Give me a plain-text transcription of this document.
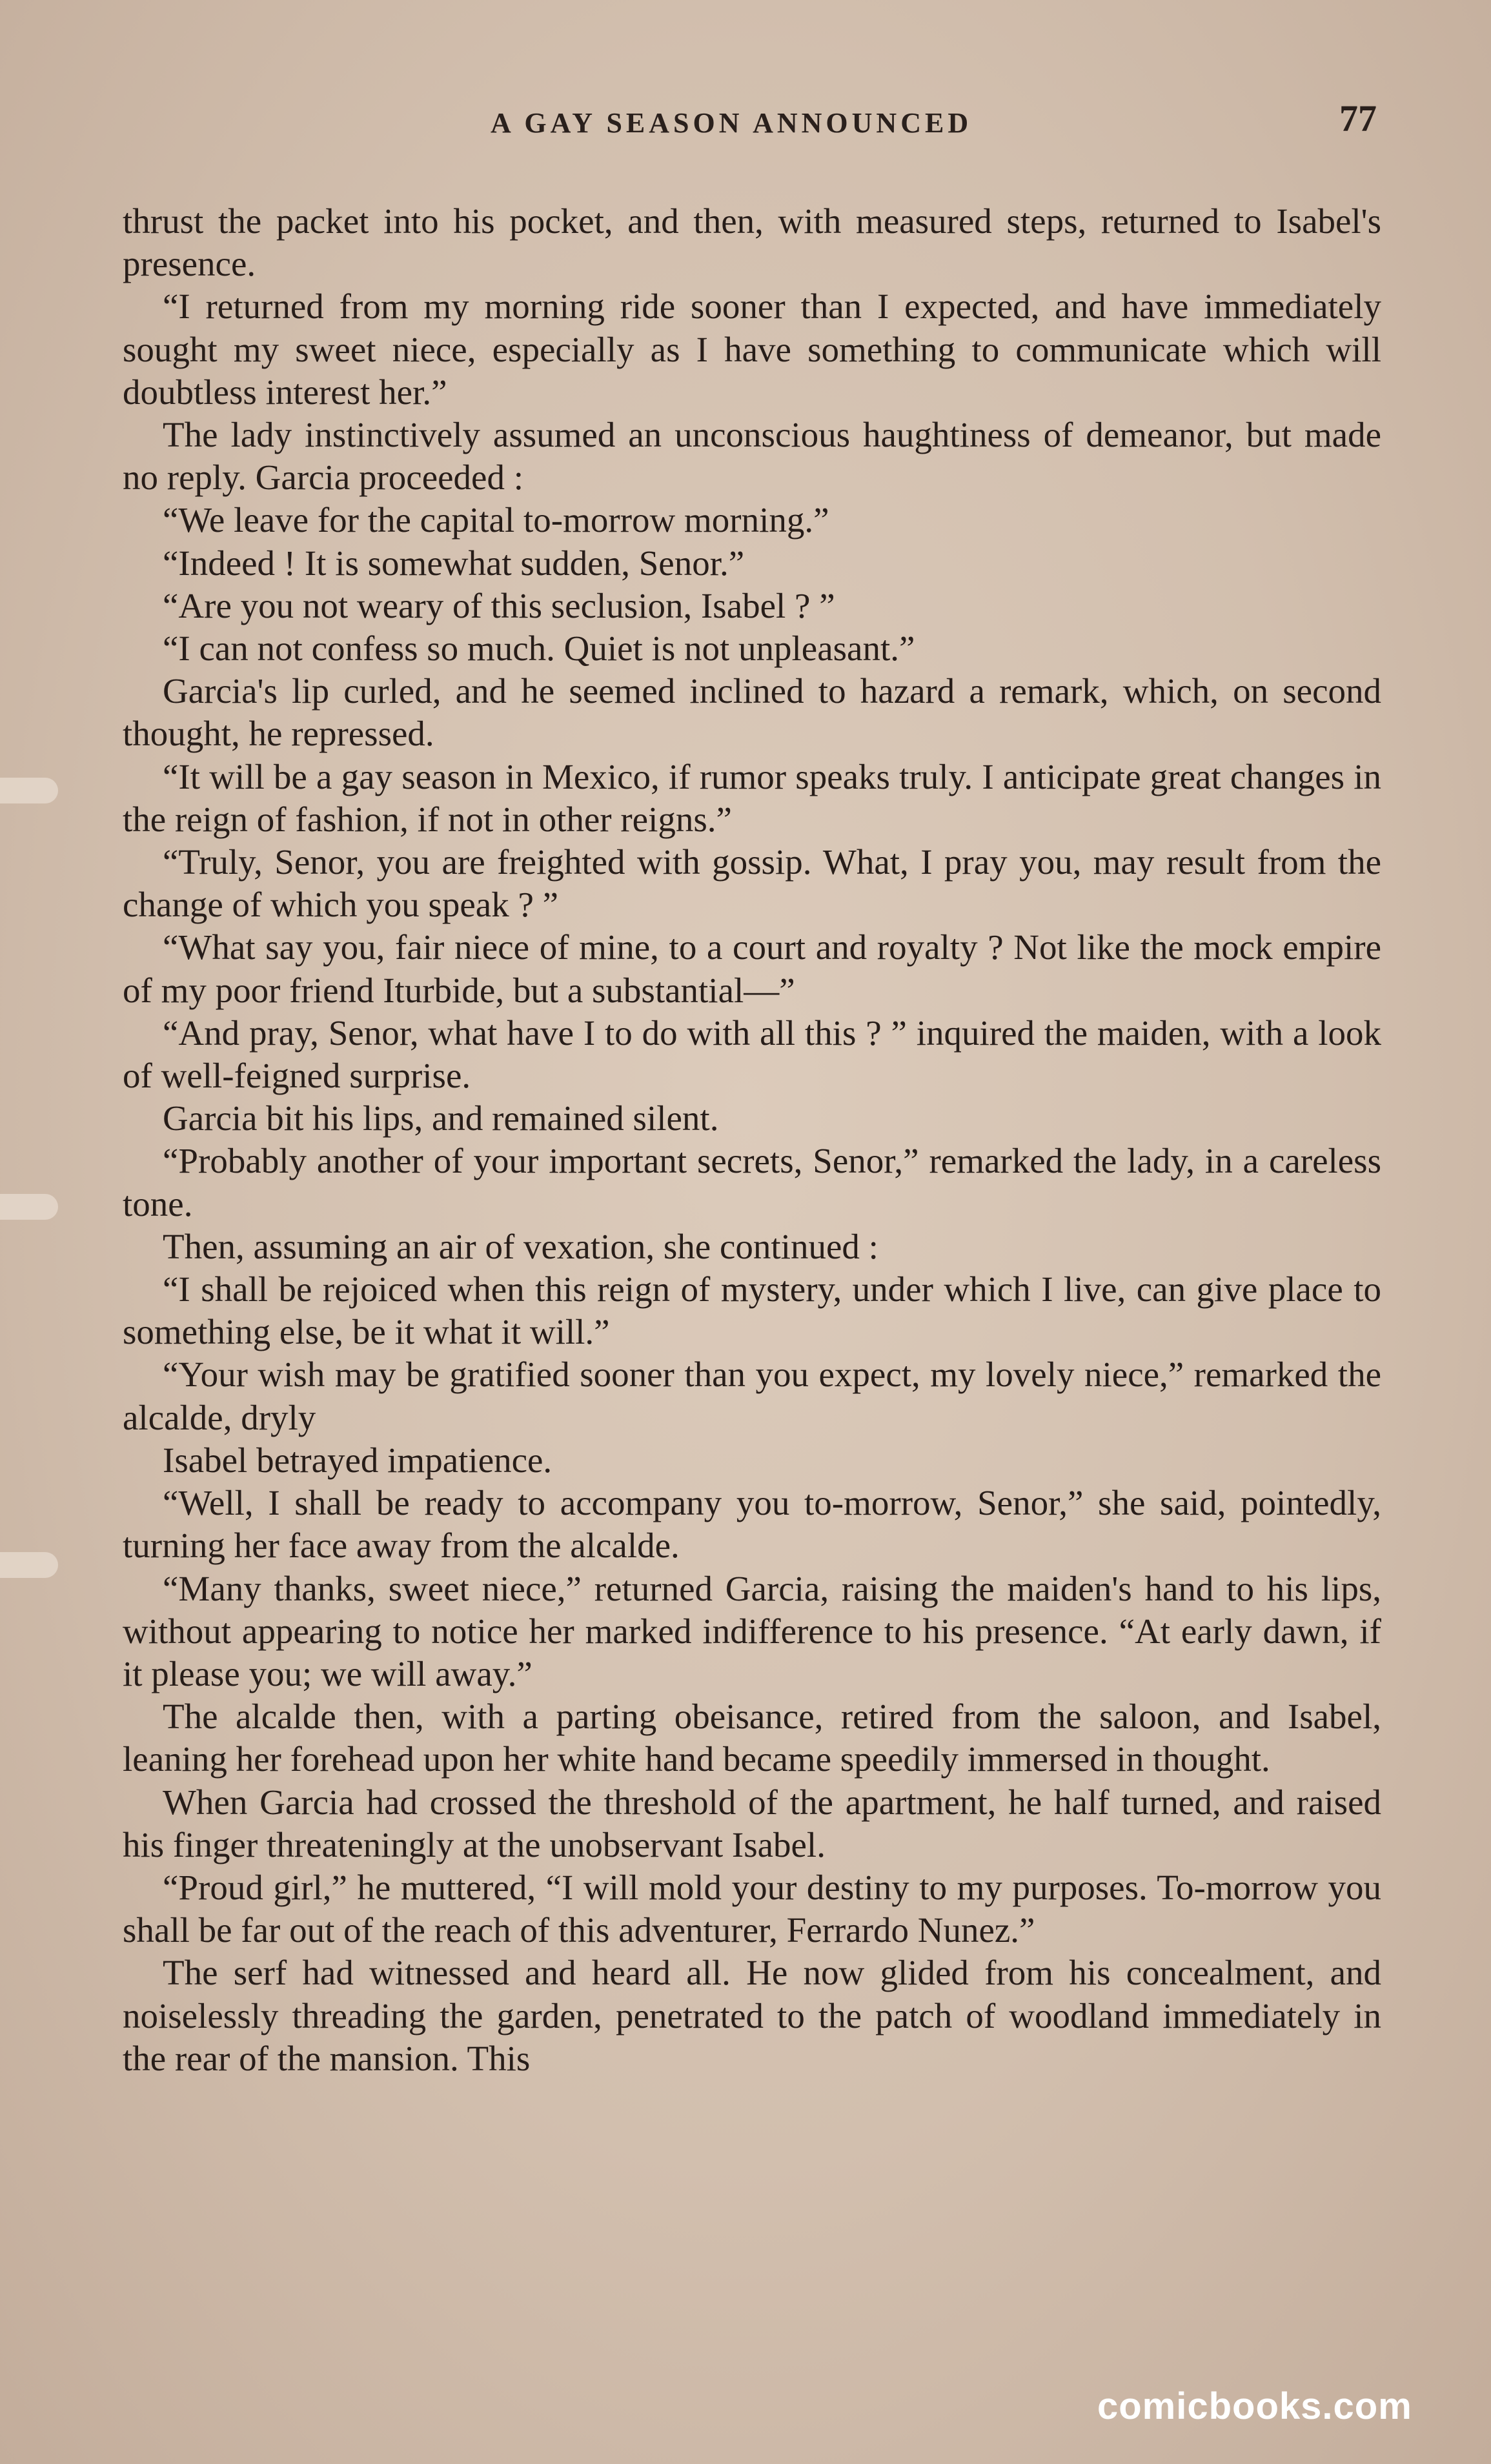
A GAY SEASON ANNOUNCED	77

thrust the packet into his pocket, and then, with measured steps, returned to Isabel's presence.

“I returned from my morning ride sooner than I expected, and have immediately sought my sweet niece, especially as I have something to communicate which will doubtless interest her.”

The lady instinctively assumed an unconscious haughtiness of demeanor, but made no reply. Garcia proceeded :

“We leave for the capital to-morrow morning.”

“Indeed ! It is somewhat sudden, Senor.”

“Are you not weary of this seclusion, Isabel ? ”

“I can not confess so much. Quiet is not unpleasant.”

Garcia's lip curled, and he seemed inclined to hazard a remark, which, on second thought, he repressed.

“It will be a gay season in Mexico, if rumor speaks truly. I anticipate great changes in the reign of fashion, if not in other reigns.”

“Truly, Senor, you are freighted with gossip. What, I pray you, may result from the change of which you speak ? ”

“What say you, fair niece of mine, to a court and royalty ? Not like the mock empire of my poor friend Iturbide, but a substantial—”

“And pray, Senor, what have I to do with all this ? ” inquired the maiden, with a look of well-feigned surprise.

Garcia bit his lips, and remained silent.

“Probably another of your important secrets, Senor,” remarked the lady, in a careless tone.

Then, assuming an air of vexation, she continued :

“I shall be rejoiced when this reign of mystery, under which I live, can give place to something else, be it what it will.”

“Your wish may be gratified sooner than you expect, my lovely niece,” remarked the alcalde, dryly

Isabel betrayed impatience.

“Well, I shall be ready to accompany you to-morrow, Senor,” she said, pointedly, turning her face away from the alcalde.

“Many thanks, sweet niece,” returned Garcia, raising the maiden's hand to his lips, without appearing to notice her marked indifference to his presence. “At early dawn, if it please you; we will away.”

The alcalde then, with a parting obeisance, retired from the saloon, and Isabel, leaning her forehead upon her white hand became speedily immersed in thought.

When Garcia had crossed the threshold of the apartment, he half turned, and raised his finger threateningly at the unobservant Isabel.

“Proud girl,” he muttered, “I will mold your destiny to my purposes. To-morrow you shall be far out of the reach of this adventurer, Ferrardo Nunez.”

The serf had witnessed and heard all. He now glided from his concealment, and noiselessly threading the garden, penetrated to the patch of woodland immediately in the rear of the mansion. This

comicbooks.com
